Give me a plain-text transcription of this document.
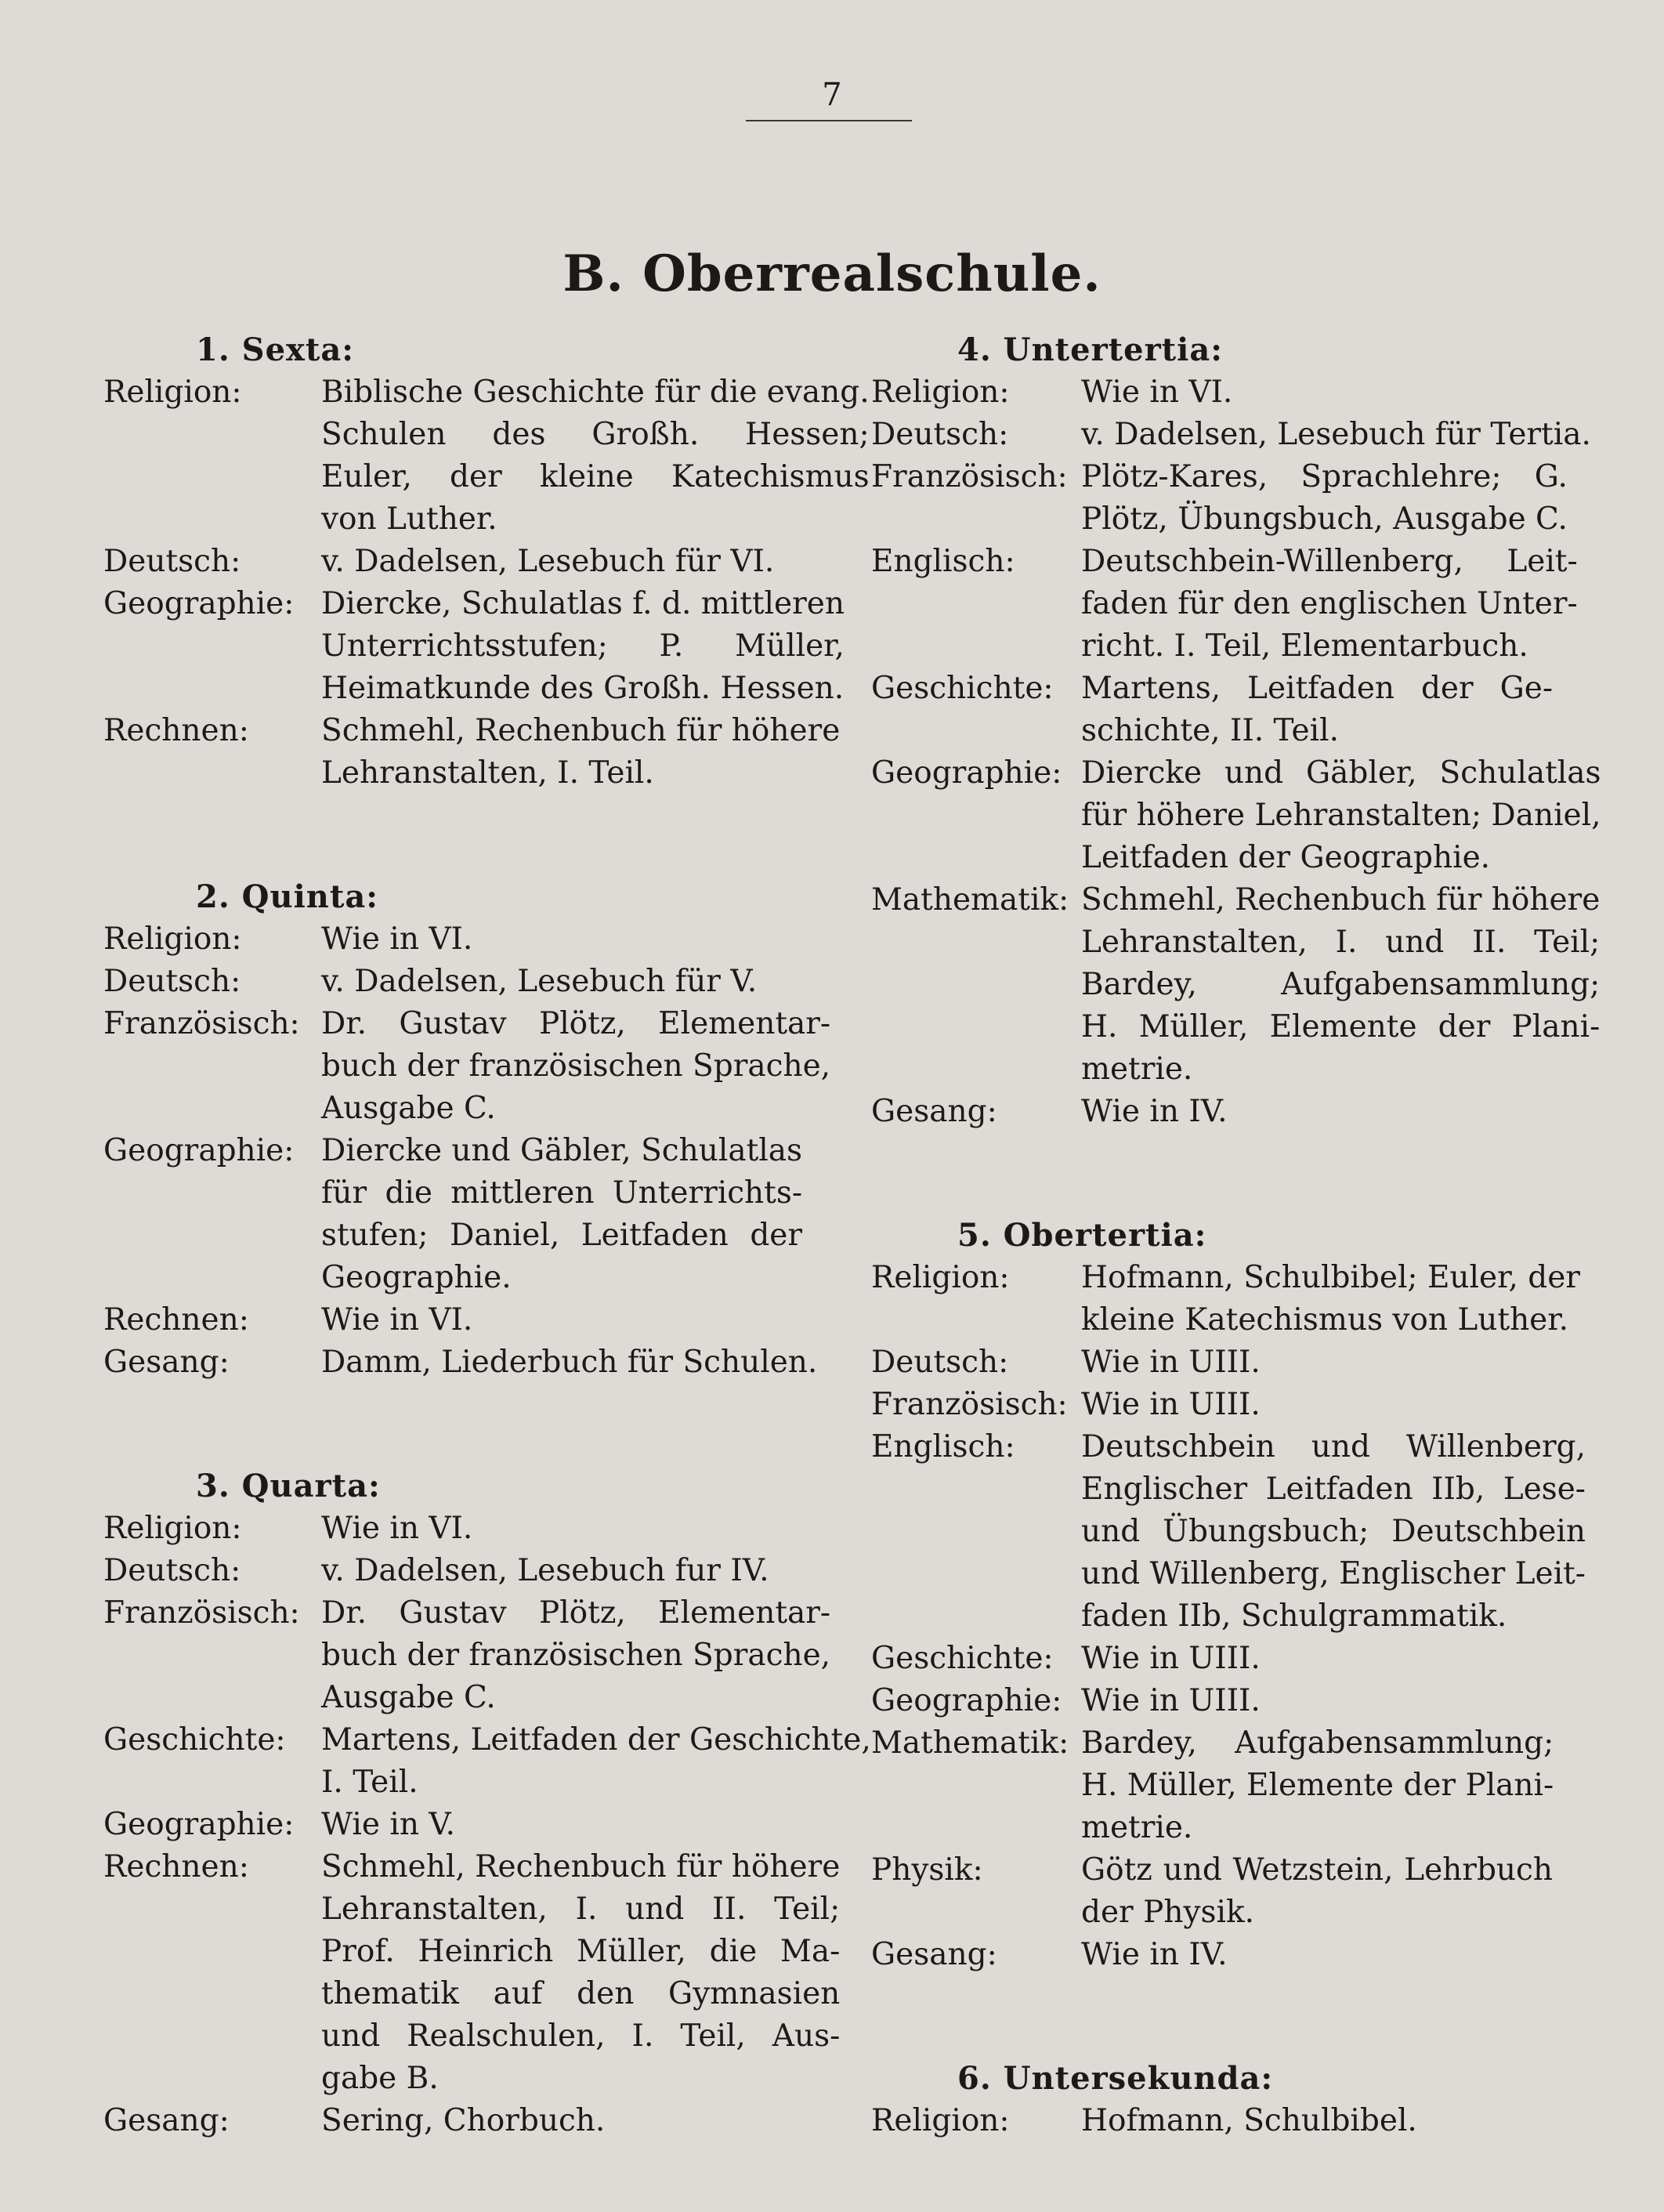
7
B. Oberrealschule.
1. Sexta:
Religion:	Biblische Geschichte für die evang.
Schulen des Großh. Hessen;
Euler, der kleine Katechismus
von Luther.
Deutsch:	v. Dadelsen, Lesebuch für VI.
Geographie: Diercke, Schulatlas f. d. mittleren
Unterrichtsstufen; P. Müller,
Heimatkunde des Großh. Hessen.
Rechnen:	Schmehl, Rechenbuch für höhere
Lehranstalten, I. Teil.
2. Quinta:
Religion:	Wie in VI.
Deutsch:	v. Dadelsen, Lesebuch für V.
Französisch: Dr. Gustav Plötz, Elementar-
buch der französischen Sprache,
Ausgabe C.
Geographie: Diercke und Gäbler, Schulatlas
für die mittleren Unterrichts-
stufen; Daniel, Leitfaden der
Geographie.
Rechnen:	Wie in VI.
Gesang:	Damm, Liederbuch für Schulen.
3. Quarta:
Religion:	Wie in VI.
Deutsch:	v. Dadelsen, Lesebuch fur IV.
Französisch: Dr. Gustav Plötz, Elementar-
buch der französischen Sprache,
Ausgabe C.
Geschichte:	Martens, Leitfaden der Geschichte,
I. Teil.
Geographie: Wie in V.
Rechnen:	Schmehl, Rechenbuch für höhere
Lehranstalten, I. und II. Teil;
Prof. Heinrich Müller, die Ma-
thematik auf den Gymnasien
und Realschulen, I. Teil, Aus-
gabe B.
Gesang:	Sering, Chorbuch.
4. Untertertia:
Religion:	Wie in VI.
Deutsch:	v. Dadelsen, Lesebuch für Tertia.
Französisch: Plötz-Kares, Sprachlehre; G.
Plötz, Übungsbuch, Ausgabe C.
Englisch:	Deutschbein-Willenberg, Leit-
faden für den englischen Unter-
richt. I. Teil, Elementarbuch.
Geschichte: Martens, Leitfaden der Ge-
schichte, II. Teil.
Geographie: Diercke und Gäbler, Schulatlas
für höhere Lehranstalten; Daniel,
Leitfaden der Geographie.
Mathematik: Schmehl, Rechenbuch für höhere
Lehranstalten, I. und II. Teil;
Bardey, Aufgabensammlung;
H. Müller, Elemente der Plani-
metrie.
Gesang:	Wie in IV.
5. Obertertia:
Religion:	Hofmann, Schulbibel; Euler, der
kleine Katechismus von Luther.
Deutsch:	Wie in UIII.
Französisch: Wie in UIII.
Englisch:	Deutschbein und Willenberg,
Englischer Leitfaden IIb, Lese-
und Übungsbuch; Deutschbein
und Willenberg, Englischer Leit-
faden IIb, Schulgrammatik.
Geschichte: Wie in UIII.
Geographie: Wie in UIII.
Mathematik: Bardey, Aufgabensammlung;
H. Müller, Elemente der Plani-
metrie.
Physik:	Götz und Wetzstein, Lehrbuch
der Physik.
Gesang:	Wie in IV.
6. Untersekunda:
Religion:	Hofmann, Schulbibel.
